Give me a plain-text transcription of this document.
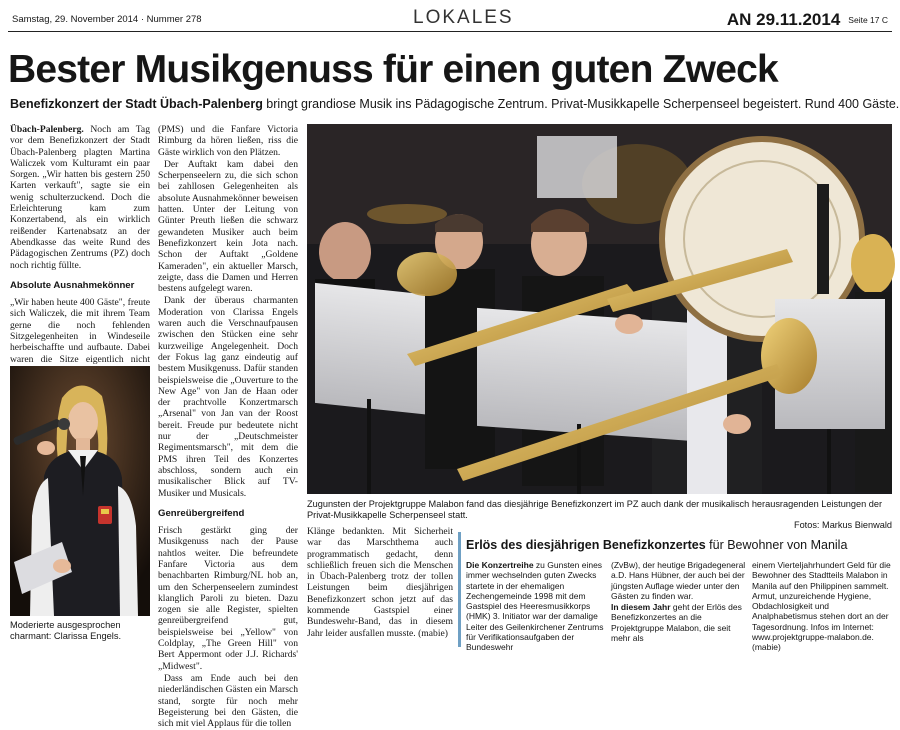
Samstag, 29. November 2014 · Nummer 278	LOKALES	AN 29.11.2014 Seite 17 C
Bester Musikgenuss für einen guten Zweck
Benefizkonzert der Stadt Übach-Palenberg bringt grandiose Musik ins Pädagogische Zentrum. Privat-Musikkapelle Scherpenseel begeistert. Rund 400 Gäste.

Übach-Palenberg. Noch am Tag vor dem Benefizkonzert der Stadt Übach-Palenberg plagten Martina Waliczek vom Kulturamt ein paar Sorgen. „Wir hatten bis gestern 250 Karten verkauft", sagte sie ein wenig schulterzuckend. Doch die Erleichterung kam zum Konzertabend, als ein wirklich reißender Kartenabsatz an der Abendkasse das weite Rund des Pädagogischen Zentrums (PZ) doch noch richtig füllte.

Absolute Ausnahmekönner

„Wir haben heute 400 Gäste", freute sich Waliczek, die mit ihrem Team gerne die noch fehlenden Sitzgelegenheiten in Windeseile herbeischaffte und aufbaute. Dabei waren die Sitze eigentlich nicht

Moderierte ausgesprochen charmant: Clarissa Engels.

(PMS) und die Fanfare Victoria Rimburg da hören ließen, riss die Gäste wirklich von den Plätzen.

Der Auftakt kam dabei den Scherpenseelern zu, die sich schon bei zahllosen Gelegenheiten als absolute Ausnahmekönner beweisen hatten. Unter der Leitung von Günter Preuth ließen die schwarz gewandeten Musiker auch beim Benefizkonzert kein Jota nach. Schon der Auftakt „Goldene Kameraden", ein aktueller Marsch, zeigte, dass die Damen und Herren bestens aufgelegt waren.

Dank der überaus charmanten Moderation von Clarissa Engels waren auch die Verschnaufpausen zwischen den Stücken eine sehr kurzweilige Angelegenheit. Doch der Fokus lag ganz eindeutig auf bestem Musikgenuss. Dafür standen beispielsweise die „Ouverture to the New Age" von Jan de Haan oder der prachtvolle Konzertmarsch „Arsenal" von Jan van der Roost bereit. Freude pur bedeutete nicht nur der „Deutschmeister Regimentsmarsch", mit dem die PMS ihren Teil des Konzertes abschloss, sondern auch ein musikalischer Blick auf TV-Musiker und Musicals.

Genreübergreifend

Frisch gestärkt ging der Musikgenuss nach der Pause nahtlos weiter. Die befreundete Fanfare Victoria aus dem benachbarten Rimburg/NL hob an, um den Scherpenseelern zumindest klanglich Paroli zu bieten. Dazu zogen sie alle Register, spielten genreübergreifend gut, beispielsweise bei „Yellow" von Coldplay, „The Green Hill" von Bert Appermont oder J.J. Richards' „Midwest".

Dass am Ende auch bei den niederländischen Gästen ein Marsch stand, sorgte für noch mehr Begeisterung bei den Gästen, die sich mit viel Applaus für die tollen

Zugunsten der Projektgruppe Malabon fand das diesjährige Benefizkonzert im PZ auch dank der musikalisch herausragenden Leistungen der Privat-Musikkapelle Scherpenseel statt.
Fotos: Markus Bienwald

Klänge bedankten. Mit Sicherheit war das Marschthema auch programmatisch gedacht, denn schließlich freuen sich die Menschen in Übach-Palenberg trotz der tollen Leistungen beim diesjährigen Benefizkonzert schon jetzt auf das kommende Gastspiel einer Bundeswehr-Band, das in diesem Jahr leider ausfallen musste. (mabie)

Erlös des diesjährigen Benefizkonzertes für Bewohner von Manila

Die Konzertreihe zu Gunsten eines immer wechselnden guten Zwecks startete in der ehemaligen Zechengemeinde 1998 mit dem Gastspiel des Heeresmusikkorps (HMK) 3. Initiator war der damalige Leiter des Geilenkirchener Zentrums für Verifikationsaufgaben der Bundeswehr

(ZvBw), der heutige Brigadegeneral a.D. Hans Hübner, der auch bei der jüngsten Auflage wieder unter den Gästen zu finden war.

In diesem Jahr geht der Erlös des Benefizkonzertes an die Projektgruppe Malabon, die seit mehr als

einem Vierteljahrhundert Geld für die Bewohner des Stadtteils Malabon in Manila auf den Philippinen sammelt. Armut, unzureichende Hygiene, Obdachlosigkeit und Analphabetismus stehen dort an der Tagesordnung. Infos im Internet: www.projektgruppe-malabon.de. (mabie)
